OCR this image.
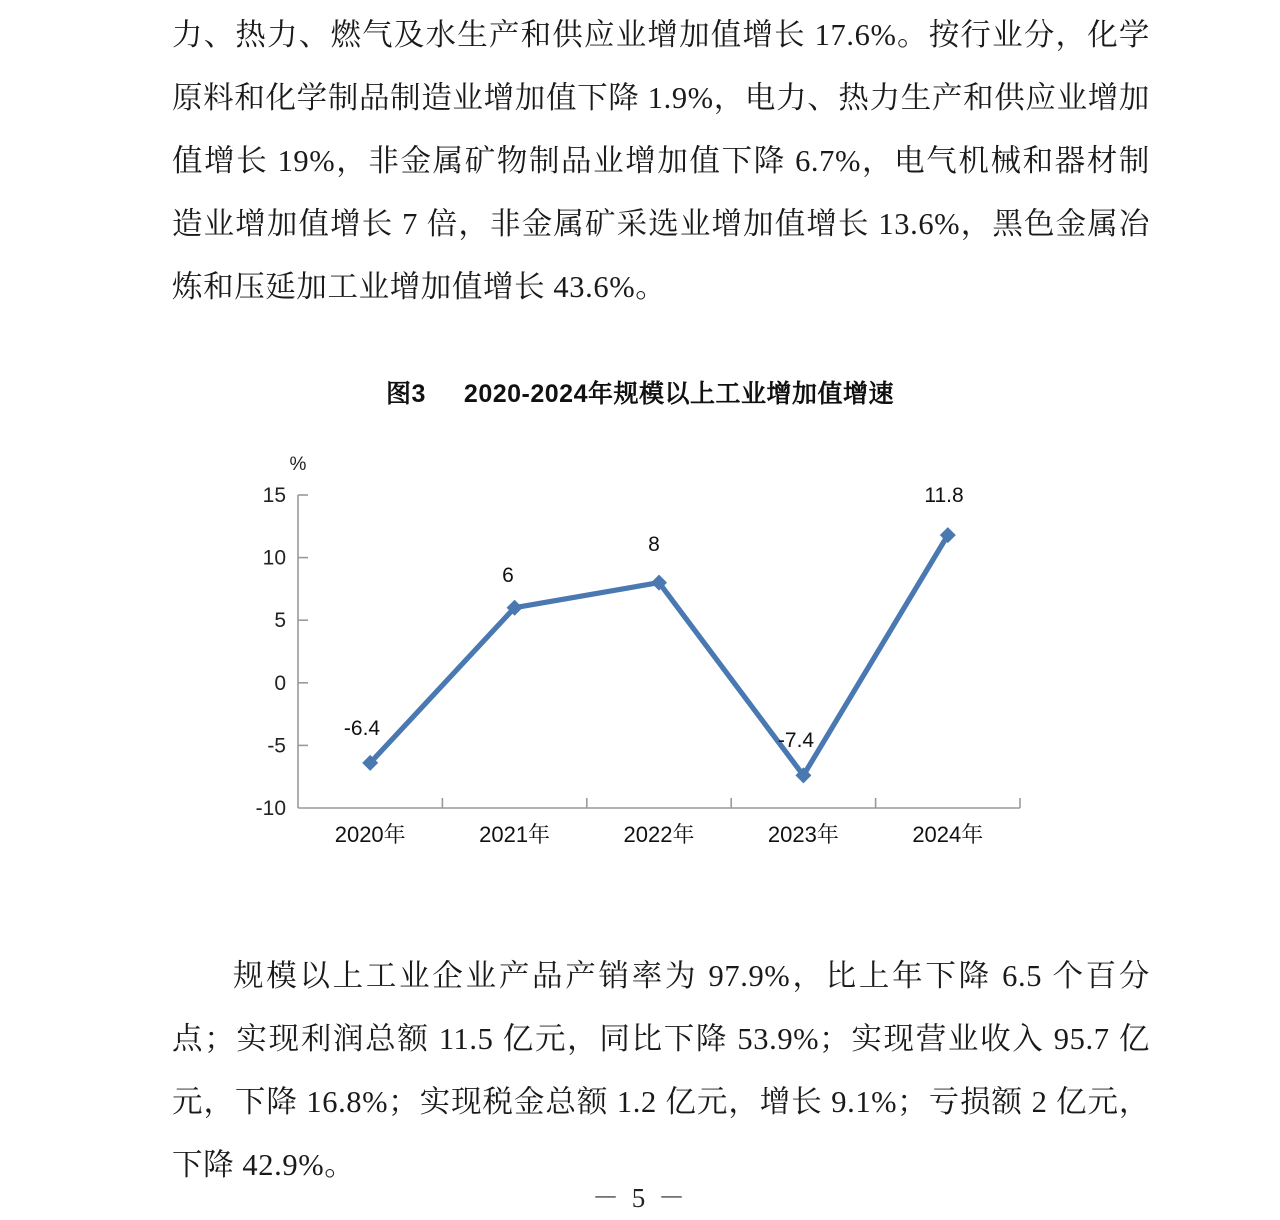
力、热力、燃气及水生产和供应业增加值增长 17.6%。按行业分，化学原料和化学制品制造业增加值下降 1.9%，电力、热力生产和供应业增加值增长 19%，非金属矿物制品业增加值下降 6.7%，电气机械和器材制造业增加值增长 7 倍，非金属矿采选业增加值增长 13.6%，黑色金属冶炼和压延加工业增加值增长 43.6%。
图3 2020-2024年规模以上工业增加值增速
%
15
10
5
0
-5
-10
-6.4
6
8
-7.4
11.8
2020年	2021年	2022年	2023年	2024年
规模以上工业企业产品产销率为 97.9%，比上年下降 6.5 个百分点；实现利润总额 11.5 亿元，同比下降 53.9%；实现营业收入 95.7 亿元，下降 16.8%；实现税金总额 1.2 亿元，增长 9.1%；亏损额 2 亿元，下降 42.9%。
－ 5 －
